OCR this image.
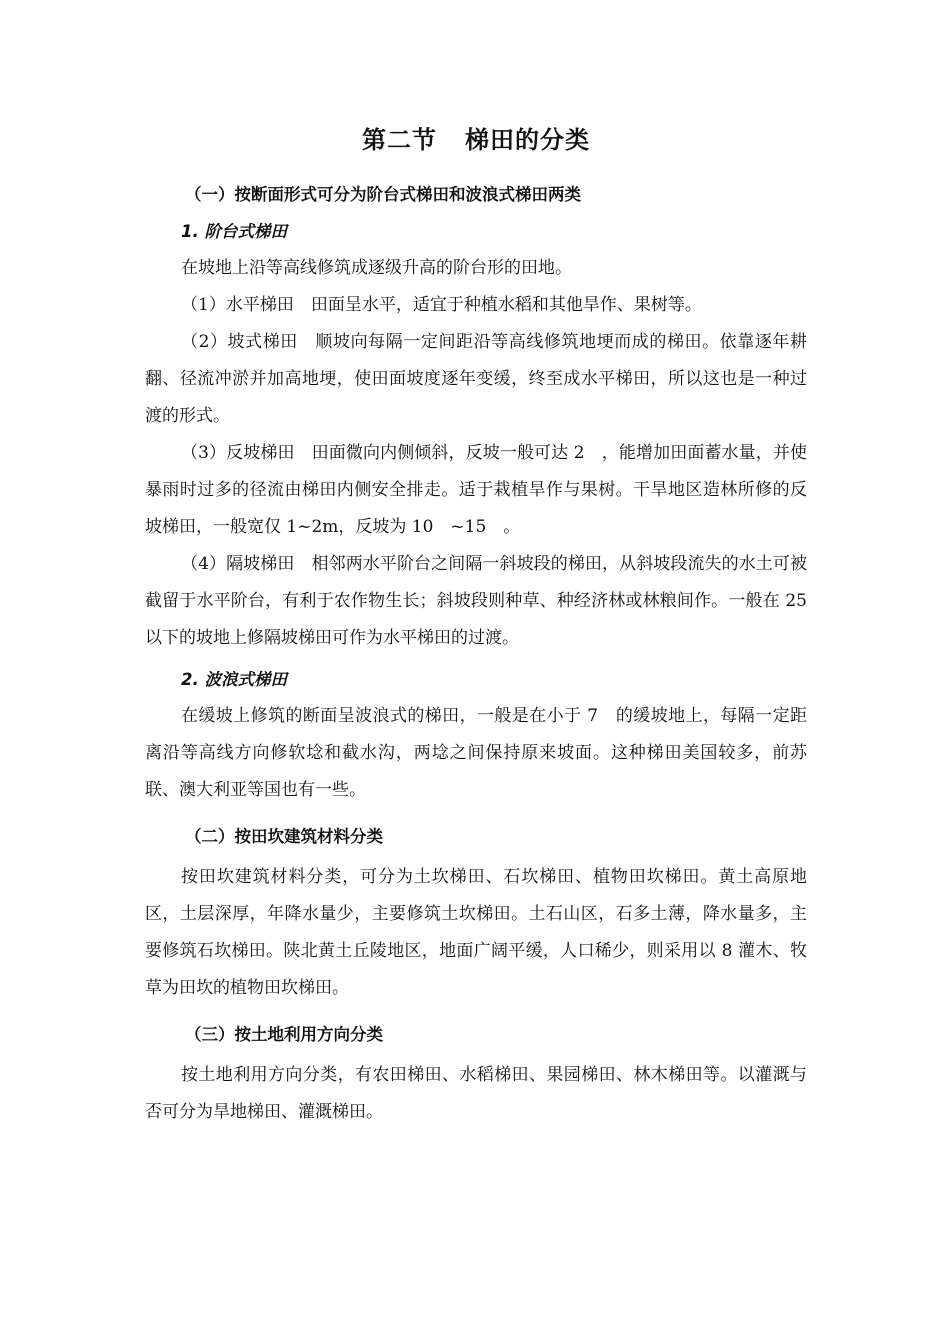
第二节 梯田的分类
（一）按断面形式可分为阶台式梯田和波浪式梯田两类
1. 阶台式梯田

在坡地上沿等高线修筑成逐级升高的阶台形的田地。

（1）水平梯田　田面呈水平，适宜于种植水稻和其他旱作、果树等。

（2）坡式梯田　顺坡向每隔一定间距沿等高线修筑地埂而成的梯田。依靠逐年耕翻、径流冲淤并加高地埂，使田面坡度逐年变缓，终至成水平梯田，所以这也是一种过渡的形式。

（3）反坡梯田　田面微向内侧倾斜，反坡一般可达 2　，能增加田面蓄水量，并使暴雨时过多的径流由梯田内侧安全排走。适于栽植旱作与果树。干旱地区造林所修的反坡梯田，一般宽仅 1~2m，反坡为 10　~15　。

（4）隔坡梯田　相邻两水平阶台之间隔一斜坡段的梯田，从斜坡段流失的水土可被截留于水平阶台，有利于农作物生长；斜坡段则种草、种经济林或林粮间作。一般在 25　以下的坡地上修隔坡梯田可作为水平梯田的过渡。

2. 波浪式梯田

在缓坡上修筑的断面呈波浪式的梯田，一般是在小于 7　的缓坡地上，每隔一定距离沿等高线方向修软埝和截水沟，两埝之间保持原来坡面。这种梯田美国较多，前苏联、澳大利亚等国也有一些。

（二）按田坎建筑材料分类

按田坎建筑材料分类，可分为土坎梯田、石坎梯田、植物田坎梯田。黄土高原地区，土层深厚，年降水量少，主要修筑土坎梯田。土石山区，石多土薄，降水量多，主要修筑石坎梯田。陕北黄土丘陵地区，地面广阔平缓，人口稀少，则采用以 8 灌木、牧草为田坎的植物田坎梯田。

（三）按土地利用方向分类

按土地利用方向分类，有农田梯田、水稻梯田、果园梯田、林木梯田等。以灌溉与否可分为旱地梯田、灌溉梯田。
